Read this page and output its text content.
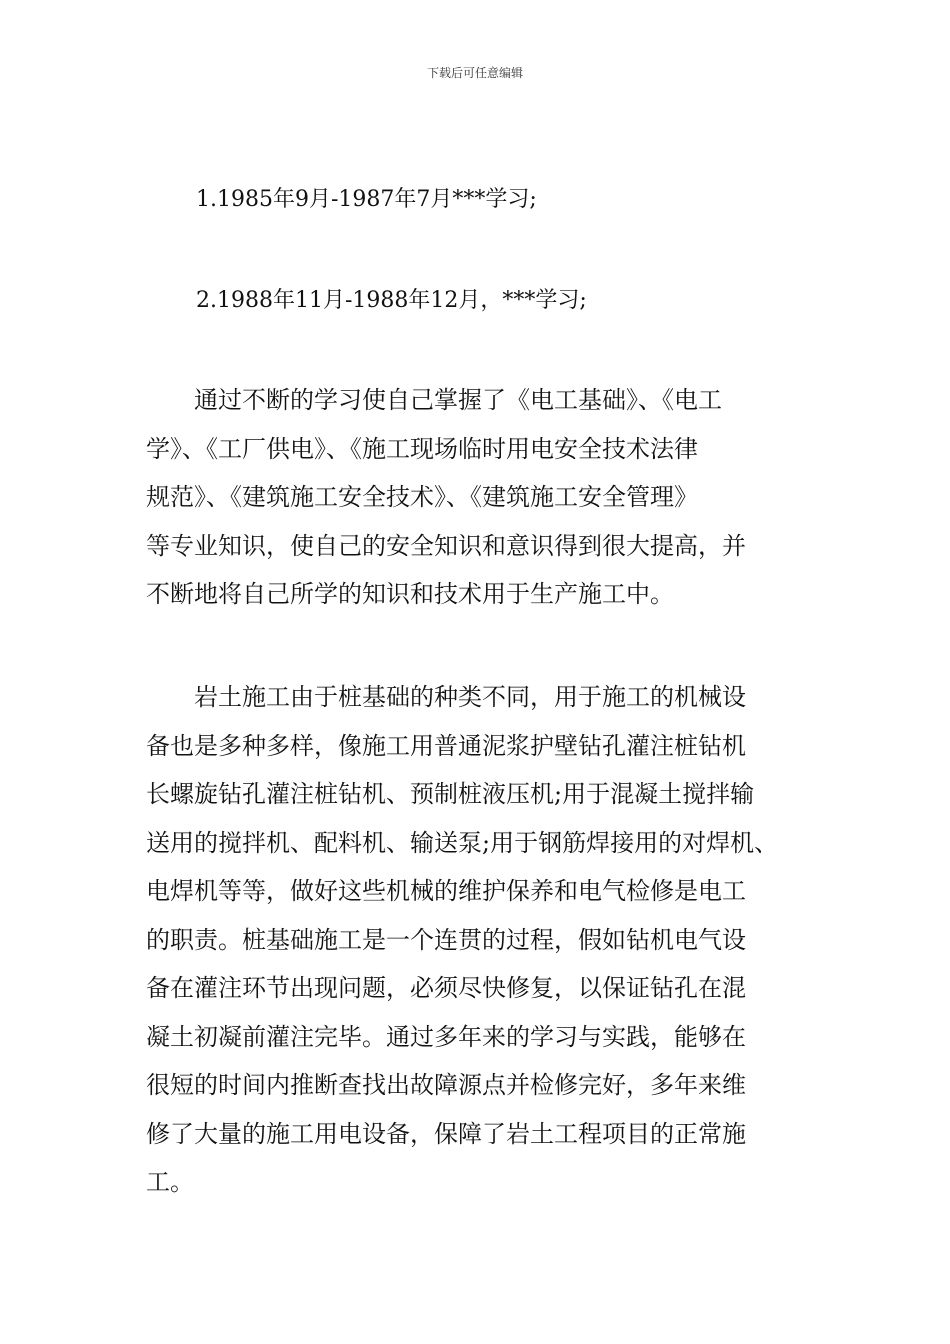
下载后可任意编辑
1.1985年9月-1987年7月***学习;
2.1988年11月-1988年12月，***学习;
通过不断的学习使自己掌握了《电工基础》、《电工
学》、《工厂供电》、《施工现场临时用电安全技术法律
规范》、《建筑施工安全技术》、《建筑施工安全管理》
等专业知识，使自己的安全知识和意识得到很大提高，并
不断地将自己所学的知识和技术用于生产施工中。
岩土施工由于桩基础的种类不同，用于施工的机械设
备也是多种多样，像施工用普通泥浆护壁钻孔灌注桩钻机
长螺旋钻孔灌注桩钻机、预制桩液压机;用于混凝土搅拌输
送用的搅拌机、配料机、输送泵;用于钢筋焊接用的对焊机、
电焊机等等，做好这些机械的维护保养和电气检修是电工
的职责。桩基础施工是一个连贯的过程，假如钻机电气设
备在灌注环节出现问题，必须尽快修复，以保证钻孔在混
凝土初凝前灌注完毕。通过多年来的学习与实践，能够在
很短的时间内推断查找出故障源点并检修完好，多年来维
修了大量的施工用电设备，保障了岩土工程项目的正常施
工。
